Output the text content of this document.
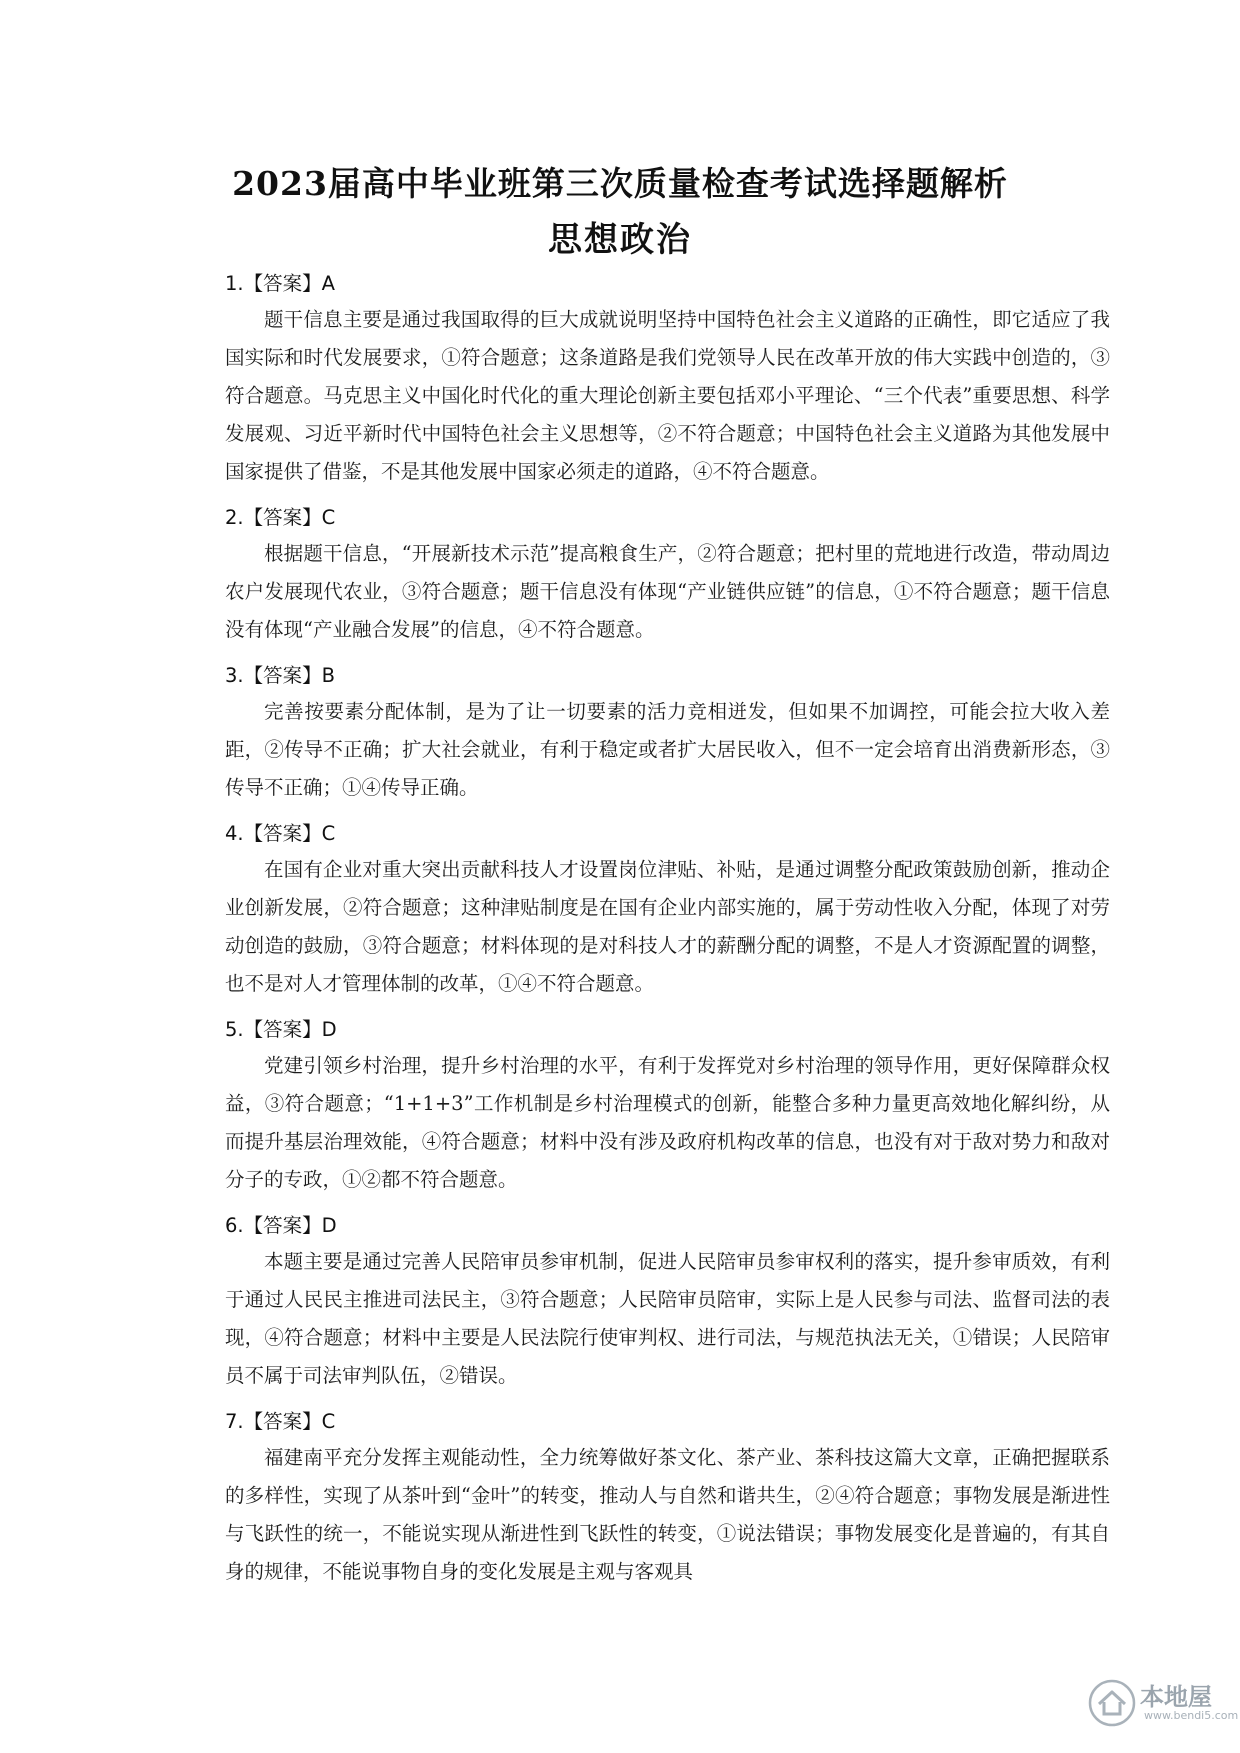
2023届高中毕业班第三次质量检查考试选择题解析
思想政治
1.【答案】A
题干信息主要是通过我国取得的巨大成就说明坚持中国特色社会主义道路的正确性，即它适应了我国实际和时代发展要求，①符合题意；这条道路是我们党领导人民在改革开放的伟大实践中创造的，③符合题意。马克思主义中国化时代化的重大理论创新主要包括邓小平理论、“三个代表”重要思想、科学发展观、习近平新时代中国特色社会主义思想等，②不符合题意；中国特色社会主义道路为其他发展中国家提供了借鉴，不是其他发展中国家必须走的道路，④不符合题意。
2.【答案】C
根据题干信息，“开展新技术示范”提高粮食生产，②符合题意；把村里的荒地进行改造，带动周边农户发展现代农业，③符合题意；题干信息没有体现“产业链供应链”的信息，①不符合题意；题干信息没有体现“产业融合发展”的信息，④不符合题意。
3.【答案】B
完善按要素分配体制，是为了让一切要素的活力竞相迸发，但如果不加调控，可能会拉大收入差距，②传导不正确；扩大社会就业，有利于稳定或者扩大居民收入，但不一定会培育出消费新形态，③传导不正确；①④传导正确。
4.【答案】C
在国有企业对重大突出贡献科技人才设置岗位津贴、补贴，是通过调整分配政策鼓励创新，推动企业创新发展，②符合题意；这种津贴制度是在国有企业内部实施的，属于劳动性收入分配，体现了对劳动创造的鼓励，③符合题意；材料体现的是对科技人才的薪酬分配的调整，不是人才资源配置的调整，也不是对人才管理体制的改革，①④不符合题意。
5.【答案】D
党建引领乡村治理，提升乡村治理的水平，有利于发挥党对乡村治理的领导作用，更好保障群众权益，③符合题意；“1+1+3”工作机制是乡村治理模式的创新，能整合多种力量更高效地化解纠纷，从而提升基层治理效能，④符合题意；材料中没有涉及政府机构改革的信息，也没有对于敌对势力和敌对分子的专政，①②都不符合题意。
6.【答案】D
本题主要是通过完善人民陪审员参审机制，促进人民陪审员参审权利的落实，提升参审质效，有利于通过人民民主推进司法民主，③符合题意；人民陪审员陪审，实际上是人民参与司法、监督司法的表现，④符合题意；材料中主要是人民法院行使审判权、进行司法，与规范执法无关，①错误；人民陪审员不属于司法审判队伍，②错误。
7.【答案】C
福建南平充分发挥主观能动性，全力统筹做好茶文化、茶产业、茶科技这篇大文章，正确把握联系的多样性，实现了从茶叶到“金叶”的转变，推动人与自然和谐共生，②④符合题意；事物发展是渐进性与飞跃性的统一，不能说实现从渐进性到飞跃性的转变，①说法错误；事物发展变化是普遍的，有其自身的规律，不能说事物自身的变化发展是主观与客观具
本地屋
www.bendi5.com
